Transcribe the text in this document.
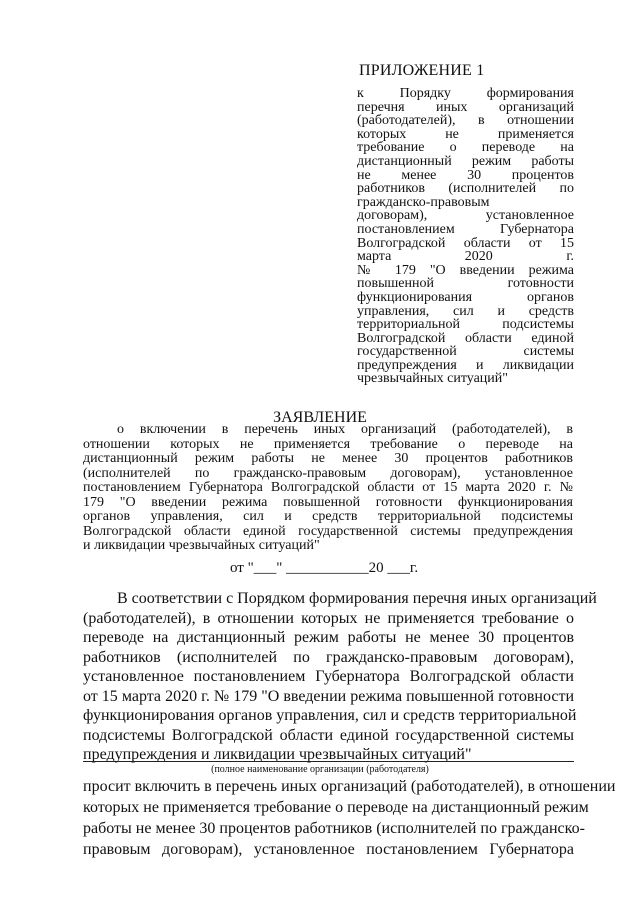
ПРИЛОЖЕНИЕ 1
к Порядку формирования
перечня иных организаций
(работодателей), в отношении
которых не применяется
требование о переводе на
дистанционный режим работы
не менее 30 процентов
работников (исполнителей по
гражданско-правовым
договорам), установленное
постановлением Губернатора
Волгоградской области от 15
марта 2020 г.
№ 179 "О введении режима
повышенной готовности
функционирования органов
управления, сил и средств
территориальной подсистемы
Волгоградской области единой
государственной системы
предупреждения и ликвидации
чрезвычайных ситуаций"
ЗАЯВЛЕНИЕ
о включении в перечень иных организаций (работодателей), в
отношении которых не применяется требование о переводе на
дистанционный режим работы не менее 30 процентов работников
(исполнителей по гражданско-правовым договорам), установленное
постановлением Губернатора Волгоградской области от 15 марта 2020 г. №
179 "О введении режима повышенной готовности функционирования
органов управления, сил и средств территориальной подсистемы
Волгоградской области единой государственной системы предупреждения
и ликвидации чрезвычайных ситуаций"
от "___" ___________20 ___г.
В соответствии с Порядком формирования перечня иных организаций
(работодателей), в отношении которых не применяется требование о
переводе на дистанционный режим работы не менее 30 процентов
работников (исполнителей по гражданско-правовым договорам),
установленное постановлением Губернатора Волгоградской области
от 15 марта 2020 г. № 179 "О введении режима повышенной готовности
функционирования органов управления, сил и средств территориальной
подсистемы Волгоградской области единой государственной системы
предупреждения и ликвидации чрезвычайных ситуаций"
(полное наименование организации (работодателя)
просит включить в перечень иных организаций (работодателей), в отношении
которых не применяется требование о переводе на дистанционный режим
работы не менее 30 процентов работников (исполнителей по гражданско-
правовым договорам), установленное постановлением Губернатора
